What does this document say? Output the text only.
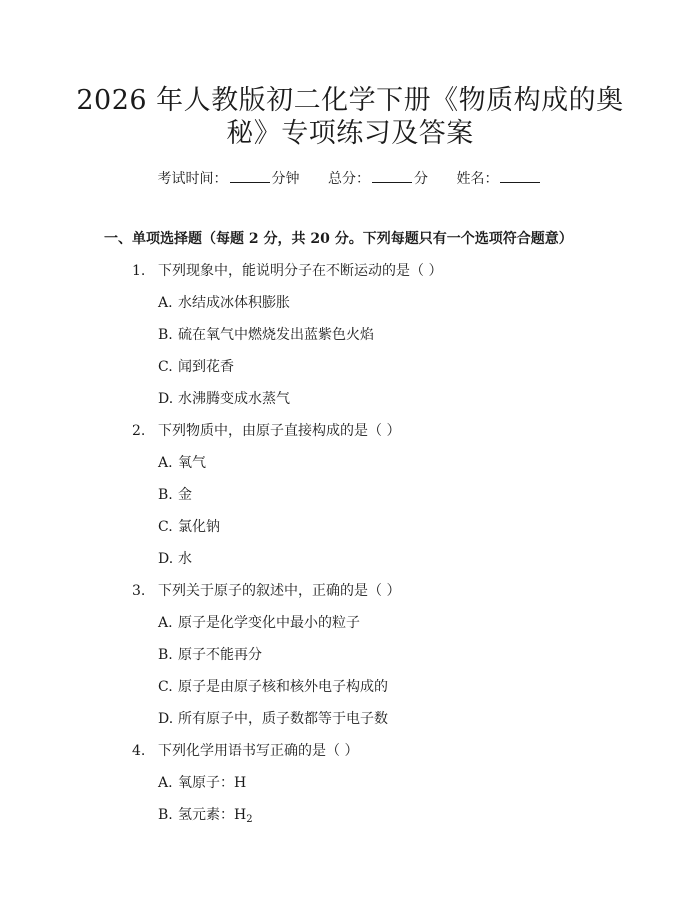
2026 年人教版初二化学下册《物质构成的奥
秘》专项练习及答案
考试时间：	分钟 总分：	分 姓名：
一、单项选择题（每题 2 分，共 20 分。下列每题只有一个选项符合题意）
1. 下列现象中，能说明分子在不断运动的是（ ）
A. 水结成冰体积膨胀
B. 硫在氧气中燃烧发出蓝紫色火焰
C. 闻到花香
D. 水沸腾变成水蒸气
2. 下列物质中，由原子直接构成的是（ ）
A. 氧气
B. 金
C. 氯化钠
D. 水
3. 下列关于原子的叙述中，正确的是（ ）
A. 原子是化学变化中最小的粒子
B. 原子不能再分
C. 原子是由原子核和核外电子构成的
D. 所有原子中，质子数都等于电子数
4. 下列化学用语书写正确的是（ ）
A. 氧原子：H
B. 氢元素：$H_2$
